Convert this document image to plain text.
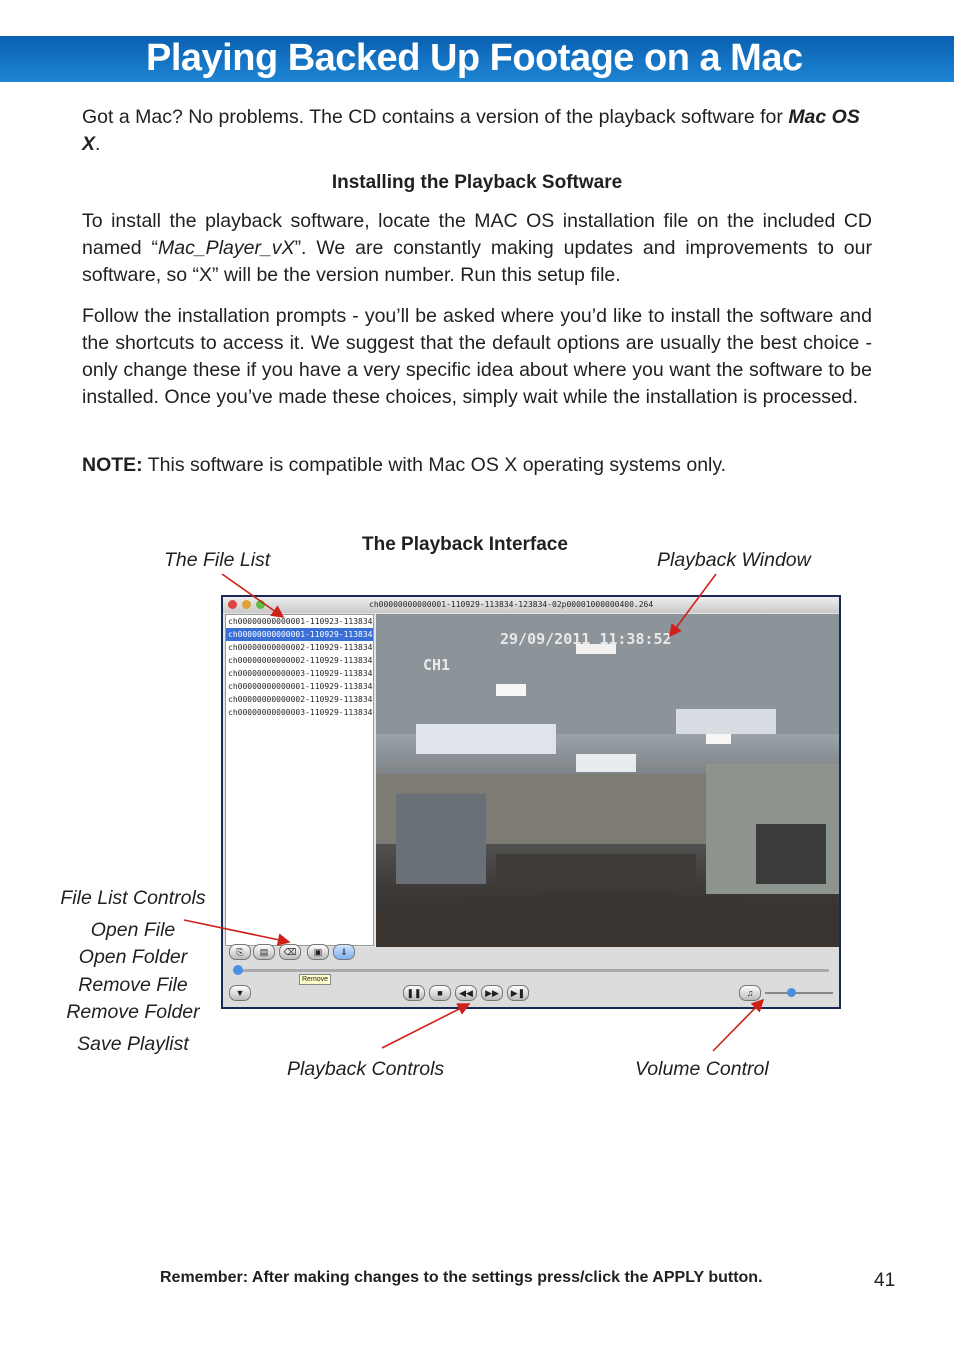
Playing Backed Up Footage on a Mac
Got a Mac? No problems. The CD contains a version of the playback software for Mac OS X.
Installing the Playback Software
To install the playback software, locate the MAC OS installation file on the included CD named “Mac_Player_vX”. We are constantly making updates and improvements to our software, so “X” will be the version number. Run this setup file.
Follow the installation prompts - you’ll be asked where you’d like to install the software and the shortcuts to access it. We suggest that the default options are usually the best choice - only change these if you have a very specific idea about where you want the software to be installed. Once you’ve made these choices, simply wait while the installation is processed.
NOTE: This software is compatible with Mac OS X operating systems only.
The Playback Interface
The File List	Playback Window
File List Controls
Open File
Open Folder
Remove File
Remove Folder
Save Playlist
Playback Controls	Volume Control
ch00000000000001-110929-113834-123834-02p00001000000400.264
ch00000000000001-110923-113834
ch00000000000001-110929-113834
ch00000000000002-110929-113834
ch00000000000002-110929-113834
ch00000000000003-110929-113834
ch00000000000001-110929-113834
ch00000000000002-110929-113834
ch00000000000003-110929-113834
29/09/2011 11:38:52
CH1
⎘	▤	⌫	▣	⇓
Remove
▼	❚❚	■	◀◀	▶▶	▶❚	♫
Remember: After making changes to the settings press/click the APPLY button.	41
